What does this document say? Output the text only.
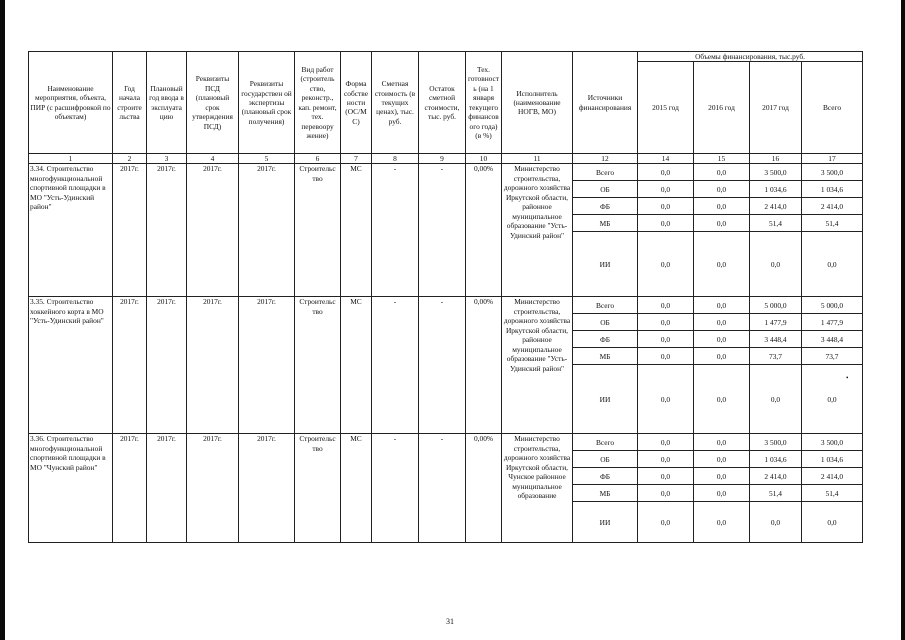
Наименование мероприятия, объекта, ПИР (с расшифровкой по объектам)	Год начала строите льства	Плановый год ввода в эксплуата цию	Реквизиты ПСД (плановый срок утверждения ПСД)	Реквизиты государствен ой экспертизы (плановый срок получения)	Вид работ (строитель ство, реконстр., кап. ремонт, тех. перевоору жение)	Форма собстве ности (ОС/М С)	Сметная стоимость (в текущих ценах), тыс. руб.	Остаток сметной стоимости, тыс. руб.	Тех. готовност ь (на 1 января текущего финансов ого года) (в %)	Исполнитель (наименование НОГВ, МО)	Источники финансирования	Объемы финансирования, тыс.руб.			
												2015 год	2016 год	2017 год	Всего
1	2	3	4	5	6	7	8	9	10	11	12	14	15	16	17
3.34. Строительство многофункциональной спортивной площадки в МО "Усть-Удинский район"	2017г.	2017г.	2017г.	2017г.	Строительс тво	МС	-	-	0,00%	Министерство строительства, дорожного хозяйства Иркутской области, районное муниципальное образование "Усть-Удинский район"	Всего	0,0	0,0	3 500,0	3 500,0
											ОБ	0,0	0,0	1 034,6	1 034,6
											ФБ	0,0	0,0	2 414,0	2 414,0
											МБ	0,0	0,0	51,4	51,4
											ИИ	0,0	0,0	0,0	0,0
3.35. Строительство хоккейного корта в МО "Усть-Удинский район"	2017г.	2017г.	2017г.	2017г.	Строительс тво	МС	-	-	0,00%	Министерство строительства, дорожного хозяйства Иркутской области, районное муниципальное образование "Усть-Удинский район"	Всего	0,0	0,0	5 000,0	5 000,0
											ОБ	0,0	0,0	1 477,9	1 477,9
											ФБ	0,0	0,0	3 448,4	3 448,4
											МБ	0,0	0,0	73,7	73,7
											ИИ	0,0	0,0	0,0	0,0
3.36. Строительство многофункциональной спортивной площадки в МО "Чунский район"	2017г.	2017г.	2017г.	2017г.	Строительс тво	МС	-	-	0,00%	Министерство строительства, дорожного хозяйства Иркутской области, Чунское районное муниципальное образование	Всего	0,0	0,0	3 500,0	3 500,0
											ОБ	0,0	0,0	1 034,6	1 034,6
											ФБ	0,0	0,0	2 414,0	2 414,0
											МБ	0,0	0,0	51,4	51,4
											ИИ	0,0	0,0	0,0	0,0
•
31
